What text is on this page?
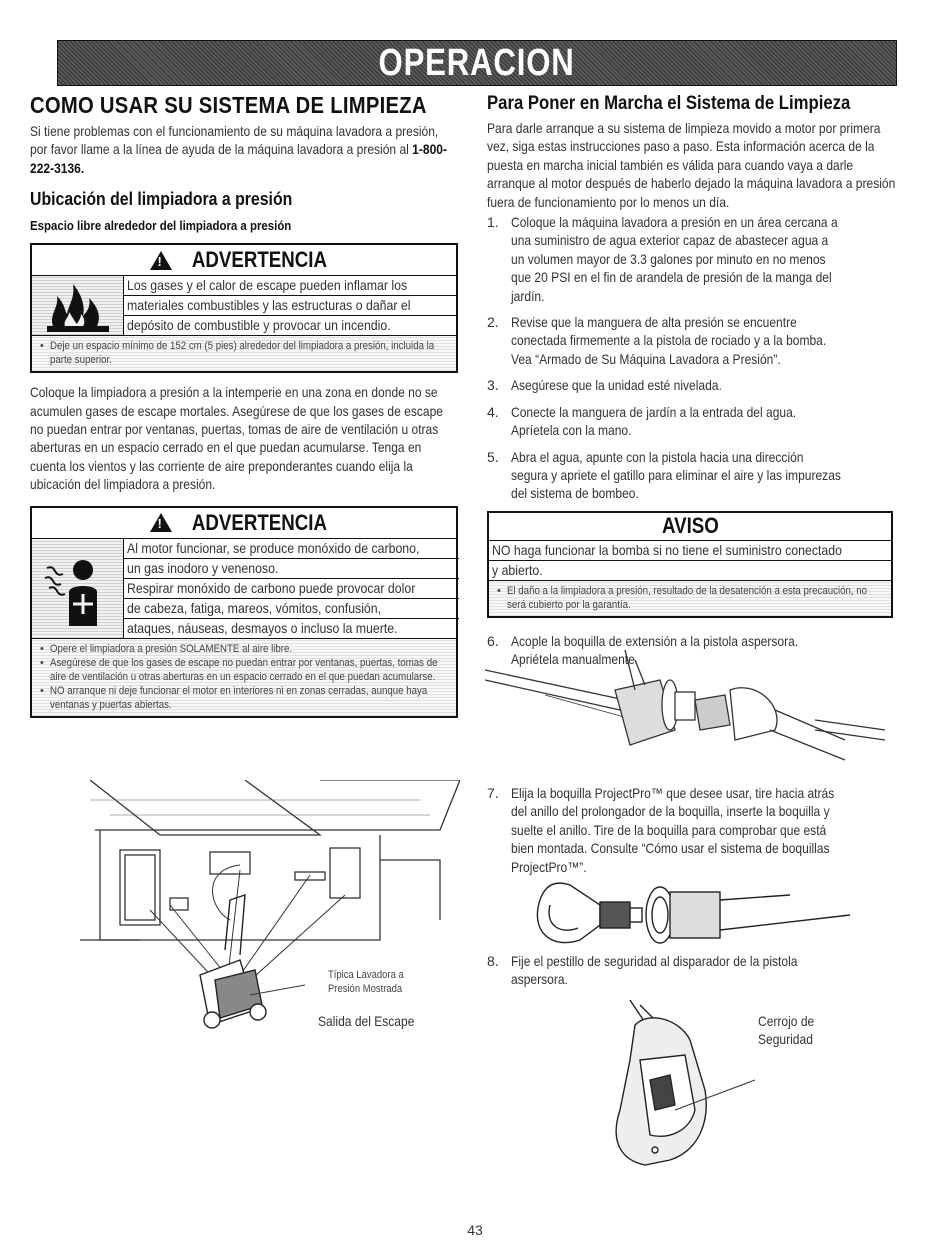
OPERACION
COMO USAR SU SISTEMA DE LIMPIEZA
Si tiene problemas con el funcionamiento de su máquina lavadora a presión, por favor llame a la línea de ayuda de la máquina lavadora a presión al 1-800-222-3136.
Ubicación del limpiadora a presión
Espacio libre alrededor del limpiadora a presión
!
ADVERTENCIA
Los gases y el calor de escape pueden inflamar los
materiales combustibles y las estructuras o dañar el
depósito de combustible y provocar un incendio.
• Deje un espacio mínimo de 152 cm (5 pies) alrededor del limpiadora a presión, incluida la parte superior.
Coloque la limpiadora a presión a la intemperie en una zona en donde no se acumulen gases de escape mortales. Asegúrese de que los gases de escape no puedan entrar por ventanas, puertas, tomas de aire de ventilación u otras aberturas en un espacio cerrado en el que puedan acumularse. Tenga en cuenta los vientos y las corriente de aire preponderantes cuando elija la ubicación del limpiadora a presión.
!
ADVERTENCIA
Al motor funcionar, se produce monóxido de carbono,
un gas inodoro y venenoso.
Respirar monóxido de carbono puede provocar dolor
de cabeza, fatiga, mareos, vómitos, confusión,
ataques, náuseas, desmayos o incluso la muerte.
• Opere el limpiadora a presión SOLAMENTE al aire libre.
• Asegúrese de que los gases de escape no puedan entrar por ventanas, puertas, tomas de aire de ventilación u otras aberturas en un espacio cerrado en el que puedan acumularse.
• NO arranque ni deje funcionar el motor en interiores ni en zonas cerradas, aunque haya ventanas y puertas abiertas.
Típica Lavadora a
Presión Mostrada
Salida del Escape
Para Poner en Marcha el Sistema de Limpieza
Para darle arranque a su sistema de limpieza movido a motor por primera vez, siga estas instrucciones paso a paso. Esta información acerca de la puesta en marcha inicial también es válida para cuando vaya a darle arranque al motor después de haberlo dejado la máquina lavadora a presión fuera de funcionamiento por lo menos un día.
1. Coloque la máquina lavadora a presión en un área cercana a una suministro de agua exterior capaz de abastecer agua a un volumen mayor de 3.3 galones por minuto en no menos que 20 PSI en el fin de arandela de presión de la manga del jardín.
2. Revise que la manguera de alta presión se encuentre conectada firmemente a la pistola de rociado y a la bomba. Vea “Armado de Su Máquina Lavadora a Presión”.
3. Asegúrese que la unidad esté nivelada.
4. Conecte la manguera de jardín a la entrada del agua. Apríetela con la mano.
5. Abra el agua, apunte con la pistola hacia una dirección segura y apriete el gatillo para eliminar el aire y las impurezas del sistema de bombeo.
AVISO
NO haga funcionar la bomba si no tiene el suministro conectado
y abierto.
• El daño a la limpiadora a presión, resultado de la desatención a esta precaución, no será cubierto por la garantía.
6. Acople la boquilla de extensión a la pistola aspersora. Apriétela manualmente.
7. Elija la boquilla ProjectPro™ que desee usar, tire hacia atrás del anillo del prolongador de la boquilla, inserte la boquilla y suelte el anillo. Tire de la boquilla para comprobar que está bien montada. Consulte “Cómo usar el sistema de boquillas ProjectPro™”.
8. Fije el pestillo de seguridad al disparador de la pistola aspersora.
Cerrojo de
Seguridad
43
